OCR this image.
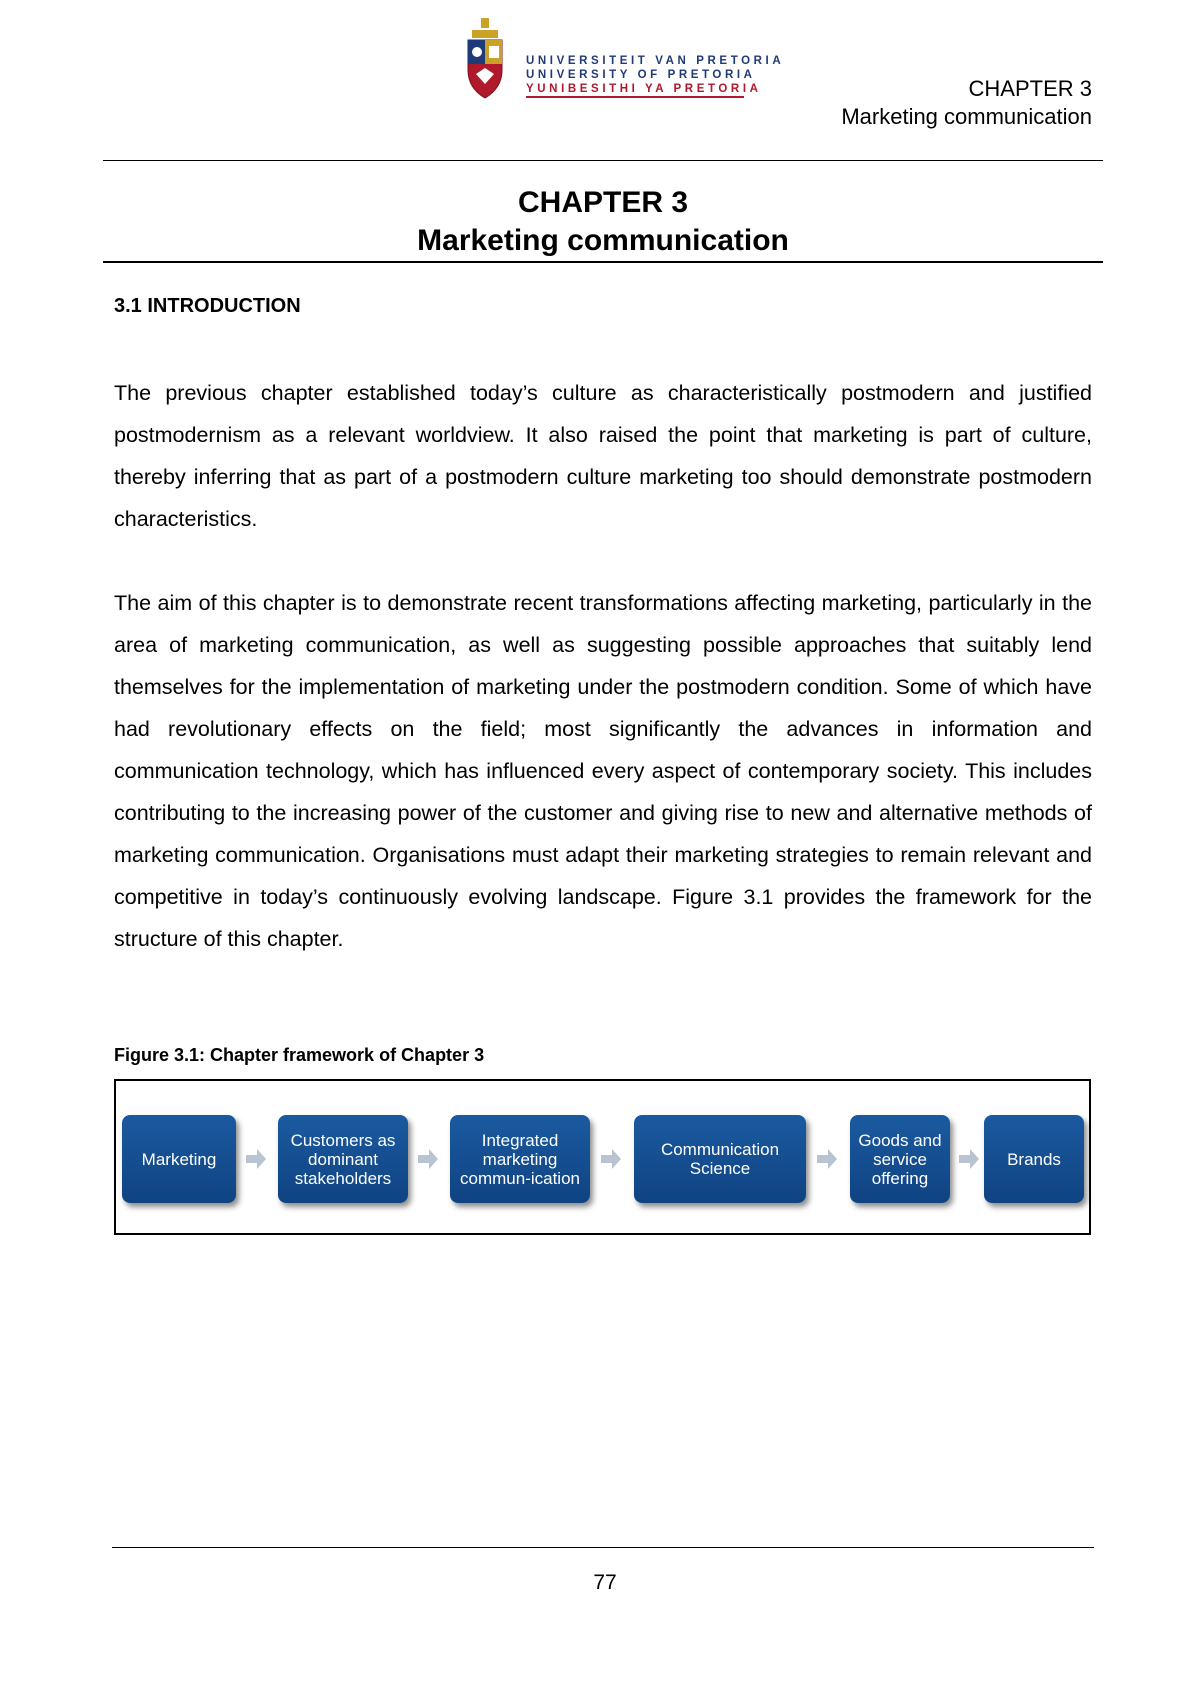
UNIVERSITEIT VAN PRETORIA
UNIVERSITY OF PRETORIA
YUNIBESITHI YA PRETORIA	CHAPTER 3
Marketing communication
CHAPTER 3
Marketing communication
3.1 INTRODUCTION
The previous chapter established today’s culture as characteristically postmodern and justified postmodernism as a relevant worldview. It also raised the point that marketing is part of culture, thereby inferring that as part of a postmodern culture marketing too should demonstrate postmodern characteristics.
The aim of this chapter is to demonstrate recent transformations affecting marketing, particularly in the area of marketing communication, as well as suggesting possible approaches that suitably lend themselves for the implementation of marketing under the postmodern condition. Some of which have had revolutionary effects on the field; most significantly the advances in information and communication technology, which has influenced every aspect of contemporary society. This includes contributing to the increasing power of the customer and giving rise to new and alternative methods of marketing communication. Organisations must adapt their marketing strategies to remain relevant and competitive in today’s continuously evolving landscape. Figure 3.1 provides the framework for the structure of this chapter.
Figure 3.1: Chapter framework of Chapter 3
Marketing
Customers as dominant stakeholders
Integrated marketing commun-ication
Communication Science
Goods and service offering
Brands
77
